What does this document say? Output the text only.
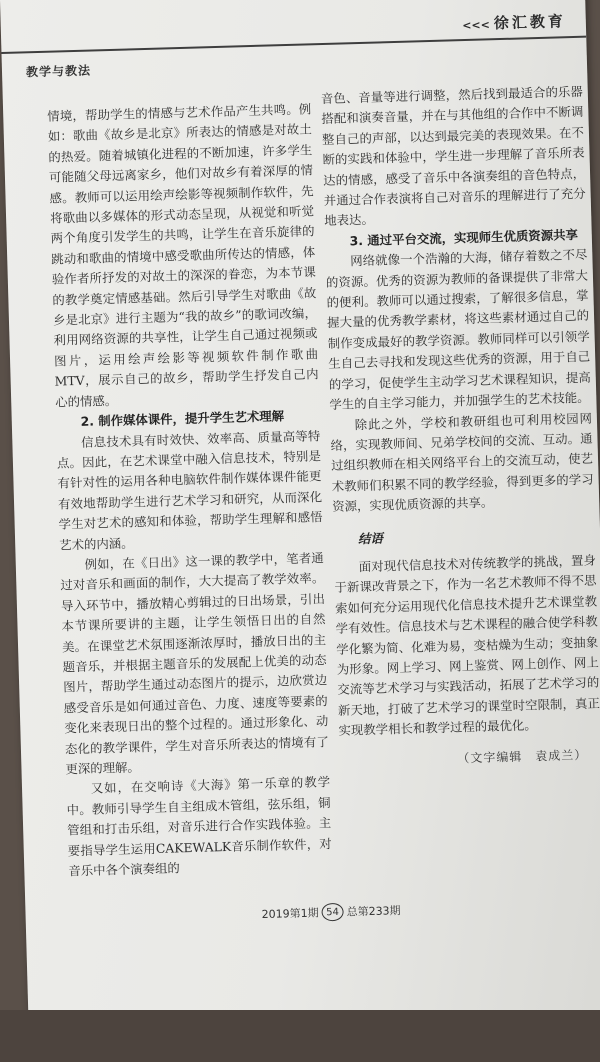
<<< 徐汇教育
教学与教法

情境，帮助学生的情感与艺术作品产生共鸣。例如：歌曲《故乡是北京》所表达的情感是对故土的热爱。随着城镇化进程的不断加速，许多学生可能随父母远离家乡，他们对故乡有着深厚的情感。教师可以运用绘声绘影等视频制作软件，先将歌曲以多媒体的形式动态呈现，从视觉和听觉两个角度引发学生的共鸣，让学生在音乐旋律的跳动和歌曲的情境中感受歌曲所传达的情感，体验作者所抒发的对故土的深深的眷恋，为本节课的教学奠定情感基础。然后引导学生对歌曲《故乡是北京》进行主题为“我的故乡”的歌词改编，利用网络资源的共享性，让学生自己通过视频或图片，运用绘声绘影等视频软件制作歌曲MTV，展示自己的故乡，帮助学生抒发自己内心的情感。

2. 制作媒体课件，提升学生艺术理解

信息技术具有时效快、效率高、质量高等特点。因此，在艺术课堂中融入信息技术，特别是有针对性的运用各种电脑软件制作媒体课件能更有效地帮助学生进行艺术学习和研究，从而深化学生对艺术的感知和体验，帮助学生理解和感悟艺术的内涵。

例如，在《日出》这一课的教学中，笔者通过对音乐和画面的制作，大大提高了教学效率。导入环节中，播放精心剪辑过的日出场景，引出本节课所要讲的主题，让学生领悟日出的自然美。在课堂艺术氛围逐渐浓厚时，播放日出的主题音乐，并根据主题音乐的发展配上优美的动态图片，帮助学生通过动态图片的提示，边欣赏边感受音乐是如何通过音色、力度、速度等要素的变化来表现日出的整个过程的。通过形象化、动态化的教学课件，学生对音乐所表达的情境有了更深的理解。

又如，在交响诗《大海》第一乐章的教学中。教师引导学生自主组成木管组，弦乐组，铜管组和打击乐组，对音乐进行合作实践体验。主要指导学生运用CAKEWALK音乐制作软件，对音乐中各个演奏组的

音色、音量等进行调整，然后找到最适合的乐器搭配和演奏音量，并在与其他组的合作中不断调整自己的声部，以达到最完美的表现效果。在不断的实践和体验中，学生进一步理解了音乐所表达的情感，感受了音乐中各演奏组的音色特点，并通过合作表演将自己对音乐的理解进行了充分地表达。

3. 通过平台交流，实现师生优质资源共享

网络就像一个浩瀚的大海，储存着数之不尽的资源。优秀的资源为教师的备课提供了非常大的便利。教师可以通过搜索，了解很多信息，掌握大量的优秀教学素材，将这些素材通过自己的制作变成最好的教学资源。教师同样可以引领学生自己去寻找和发现这些优秀的资源，用于自己的学习，促使学生主动学习艺术课程知识，提高学生的自主学习能力，并加强学生的艺术技能。

除此之外，学校和教研组也可利用校园网络，实现教师间、兄弟学校间的交流、互动。通过组织教师在相关网络平台上的交流互动，使艺术教师们积累不同的教学经验，得到更多的学习资源，实现优质资源的共享。

结语

面对现代信息技术对传统教学的挑战，置身于新课改背景之下，作为一名艺术教师不得不思索如何充分运用现代化信息技术提升艺术课堂教学有效性。信息技术与艺术课程的融合使学科教学化繁为简、化难为易，变枯燥为生动；变抽象为形象。网上学习、网上鉴赏、网上创作、网上交流等艺术学习与实践活动，拓展了艺术学习的新天地，打破了艺术学习的课堂时空限制，真正实现教学相长和教学过程的最优化。

（文字编辑　袁成兰）
2019第1期 54 总第233期
